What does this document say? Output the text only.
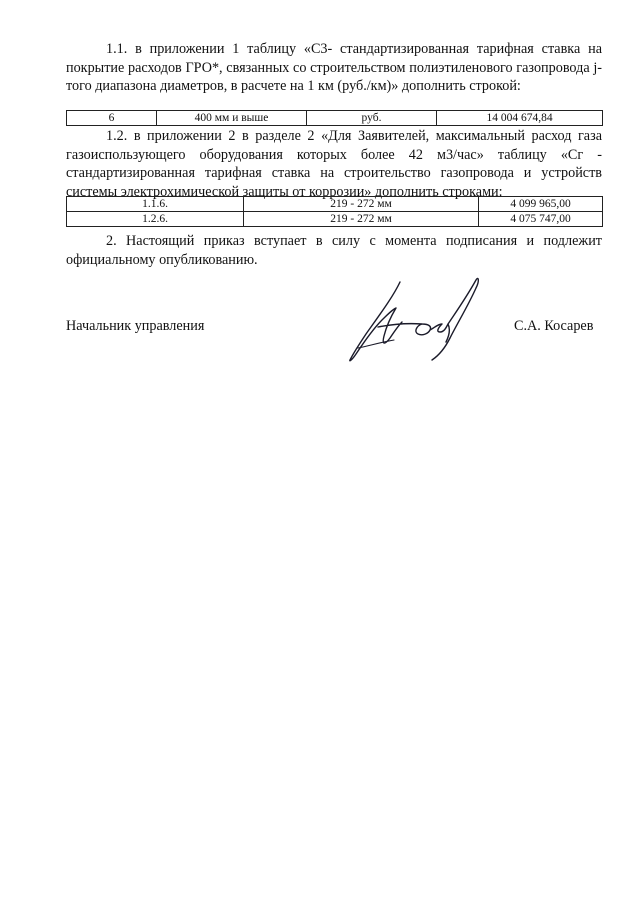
1.1. в приложении 1 таблицу «С3- стандартизированная тарифная ставка на покрытие расходов ГРО*, связанных со строительством полиэтиленового газопровода j-того диапазона диаметров, в расчете на 1 км (руб./км)» дополнить строкой:

6	400 мм и выше	руб.	14 004 674,84

1.2. в приложении 2 в разделе 2 «Для Заявителей, максимальный расход газа газоиспользующего оборудования которых более 42 м3/час» таблицу «Сг - стандартизированная тарифная ставка на строительство газопровода и устройств системы электрохимической защиты от коррозии» дополнить строками:

1.1.6.	219 - 272 мм	4 099 965,00
1.2.6.	219 - 272 мм	4 075 747,00

2. Настоящий приказ вступает в силу с момента подписания и подлежит официальному опубликованию.

Начальник управления	С.А. Косарев
